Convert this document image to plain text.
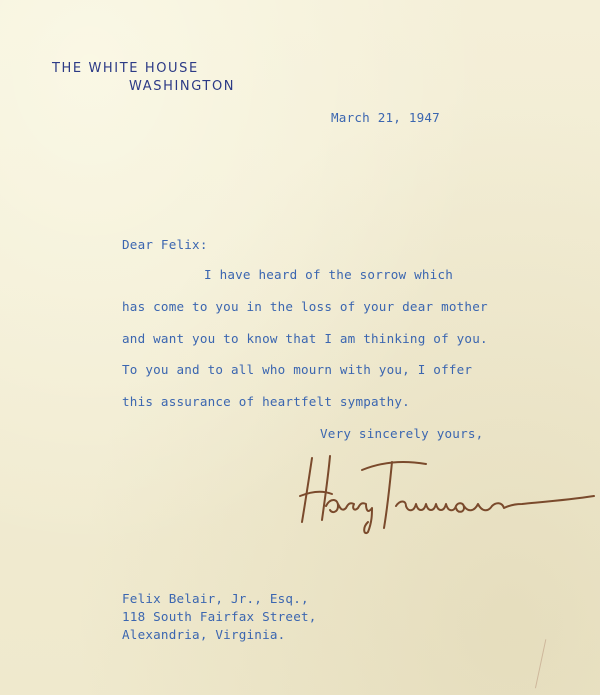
THE WHITE HOUSE
WASHINGTON
March 21, 1947
Dear Felix:
I have heard of the sorrow which
has come to you in the loss of your dear mother
and want you to know that I am thinking of you.
To you and to all who mourn with you, I offer
this assurance of heartfelt sympathy.
Very sincerely yours,
Felix Belair, Jr., Esq.,
118 South Fairfax Street,
Alexandria, Virginia.
